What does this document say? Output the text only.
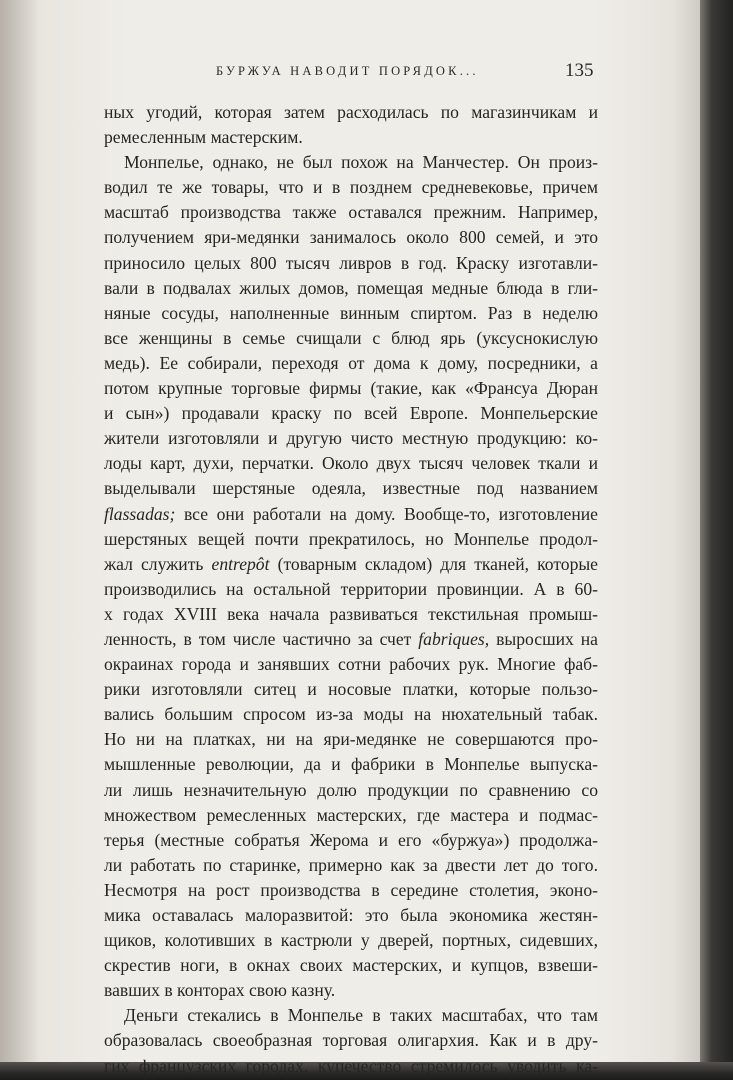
БУРЖУА НАВОДИТ ПОРЯДОК...	135
ных угодий, которая затем расходилась по магазинчикам и
ремесленным мастерским.
Монпелье, однако, не был похож на Манчестер. Он произ-
водил те же товары, что и в позднем средневековье, причем
масштаб производства также оставался прежним. Например,
получением яри-медянки занималось около 800 семей, и это
приносило целых 800 тысяч ливров в год. Краску изготавли-
вали в подвалах жилых домов, помещая медные блюда в гли-
няные сосуды, наполненные винным спиртом. Раз в неделю
все женщины в семье счищали с блюд ярь (уксуснокислую
медь). Ее собирали, переходя от дома к дому, посредники, а
потом крупные торговые фирмы (такие, как «Франсуа Дюран
и сын») продавали краску по всей Европе. Монпельерские
жители изготовляли и другую чисто местную продукцию: ко-
лоды карт, духи, перчатки. Около двух тысяч человек ткали и
выделывали шерстяные одеяла, известные под названием
flassadas; все они работали на дому. Вообще-то, изготовление
шерстяных вещей почти прекратилось, но Монпелье продол-
жал служить entrepôt (товарным складом) для тканей, которые
производились на остальной территории провинции. А в 60-
х годах XVIII века начала развиваться текстильная промыш-
ленность, в том числе частично за счет fabriques, выросших на
окраинах города и занявших сотни рабочих рук. Многие фаб-
рики изготовляли ситец и носовые платки, которые пользо-
вались большим спросом из-за моды на нюхательный табак.
Но ни на платках, ни на яри-медянке не совершаются про-
мышленные революции, да и фабрики в Монпелье выпуска-
ли лишь незначительную долю продукции по сравнению со
множеством ремесленных мастерских, где мастера и подмас-
терья (местные собратья Жерома и его «буржуа») продолжа-
ли работать по старинке, примерно как за двести лет до того.
Несмотря на рост производства в середине столетия, эконо-
мика оставалась малоразвитой: это была экономика жестян-
щиков, колотивших в кастрюли у дверей, портных, сидевших,
скрестив ноги, в окнах своих мастерских, и купцов, взвеши-
вавших в конторах свою казну.
Деньги стекались в Монпелье в таких масштабах, что там
образовалась своеобразная торговая олигархия. Как и в дру-
гих французских городах, купечество стремилось уводить ка-
